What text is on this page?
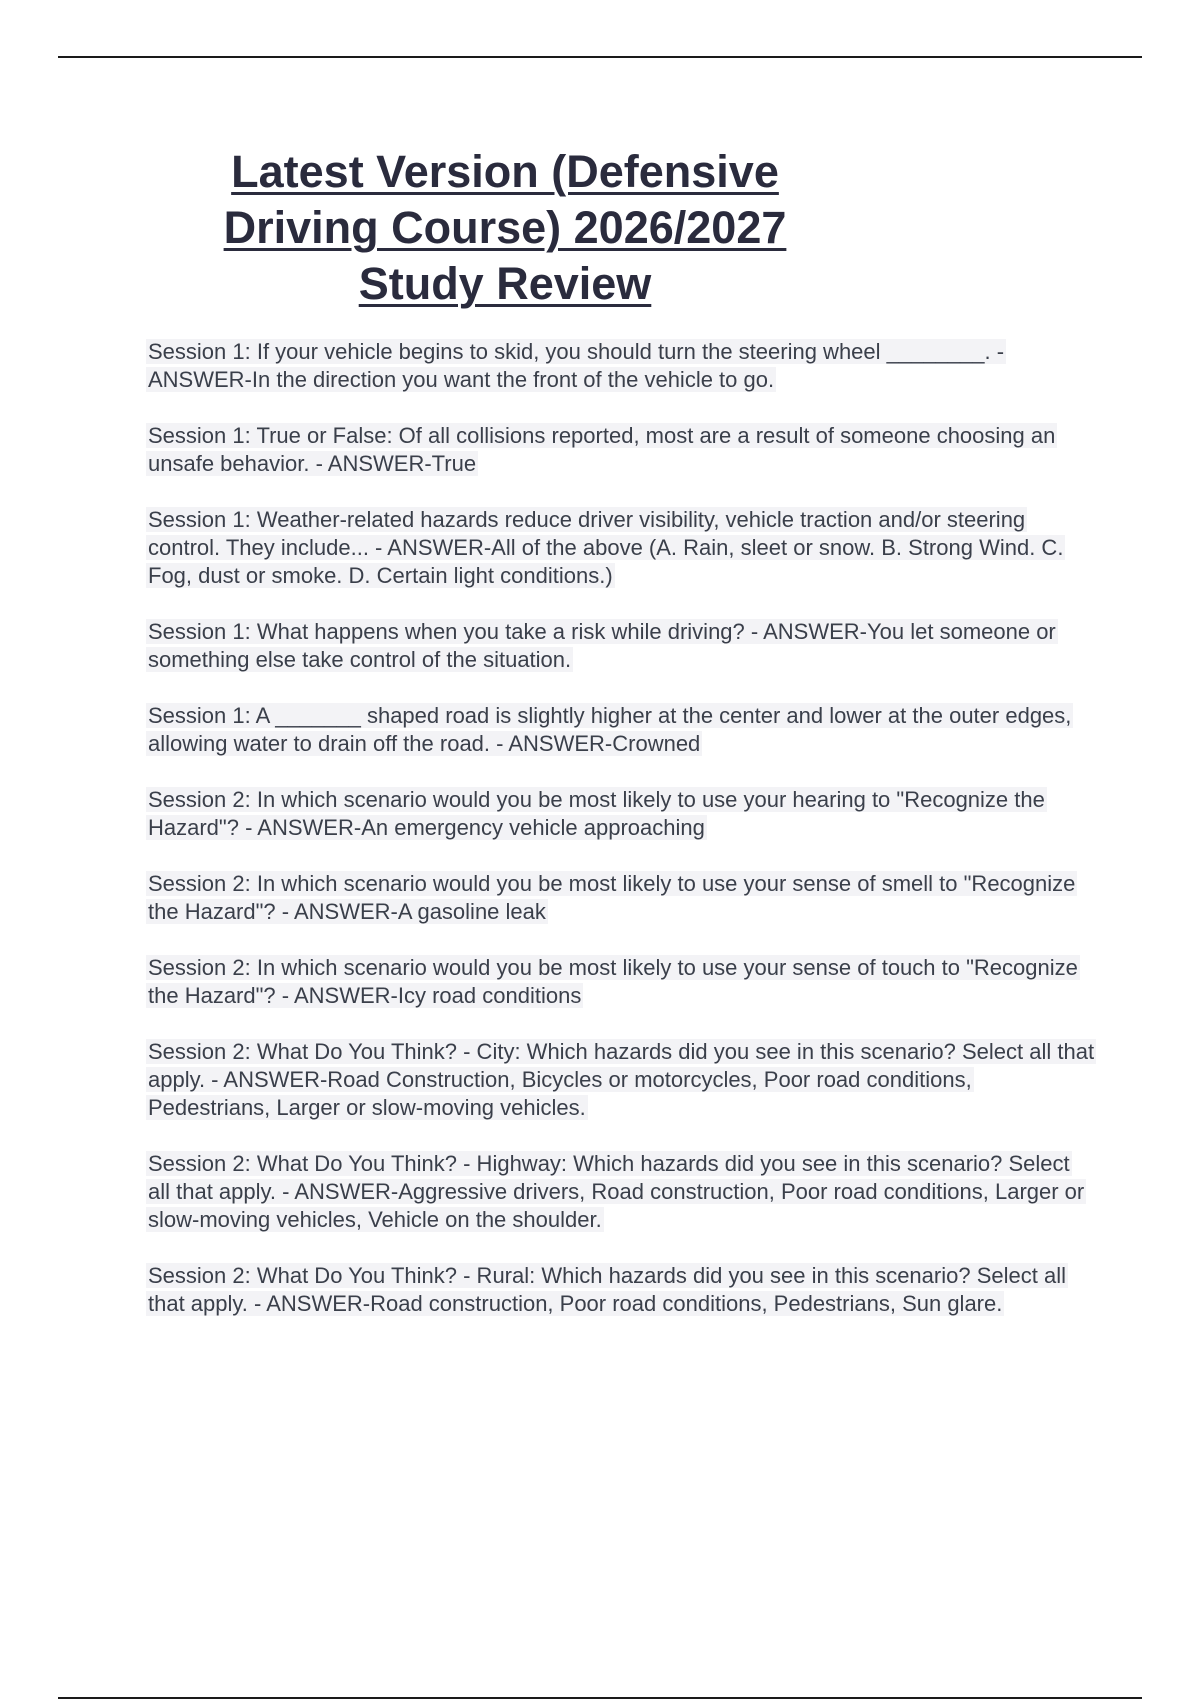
Latest Version (Defensive
Driving Course) 2026/2027
Study Review

Session 1: If your vehicle begins to skid, you should turn the steering wheel ________. - ANSWER-In the direction you want the front of the vehicle to go.

Session 1: True or False: Of all collisions reported, most are a result of someone choosing an unsafe behavior. - ANSWER-True

Session 1: Weather-related hazards reduce driver visibility, vehicle traction and/or steering control. They include... - ANSWER-All of the above (A. Rain, sleet or snow. B. Strong Wind. C. Fog, dust or smoke. D. Certain light conditions.)

Session 1: What happens when you take a risk while driving? - ANSWER-You let someone or something else take control of the situation.

Session 1: A _______ shaped road is slightly higher at the center and lower at the outer edges, allowing water to drain off the road. - ANSWER-Crowned

Session 2: In which scenario would you be most likely to use your hearing to "Recognize the Hazard"? - ANSWER-An emergency vehicle approaching

Session 2: In which scenario would you be most likely to use your sense of smell to "Recognize the Hazard"? - ANSWER-A gasoline leak

Session 2: In which scenario would you be most likely to use your sense of touch to "Recognize the Hazard"? - ANSWER-Icy road conditions

Session 2: What Do You Think? - City: Which hazards did you see in this scenario? Select all that apply. - ANSWER-Road Construction, Bicycles or motorcycles, Poor road conditions, Pedestrians, Larger or slow-moving vehicles.

Session 2: What Do You Think? - Highway: Which hazards did you see in this scenario? Select all that apply. - ANSWER-Aggressive drivers, Road construction, Poor road conditions, Larger or slow-moving vehicles, Vehicle on the shoulder.

Session 2: What Do You Think? - Rural: Which hazards did you see in this scenario? Select all that apply. - ANSWER-Road construction, Poor road conditions, Pedestrians, Sun glare.
